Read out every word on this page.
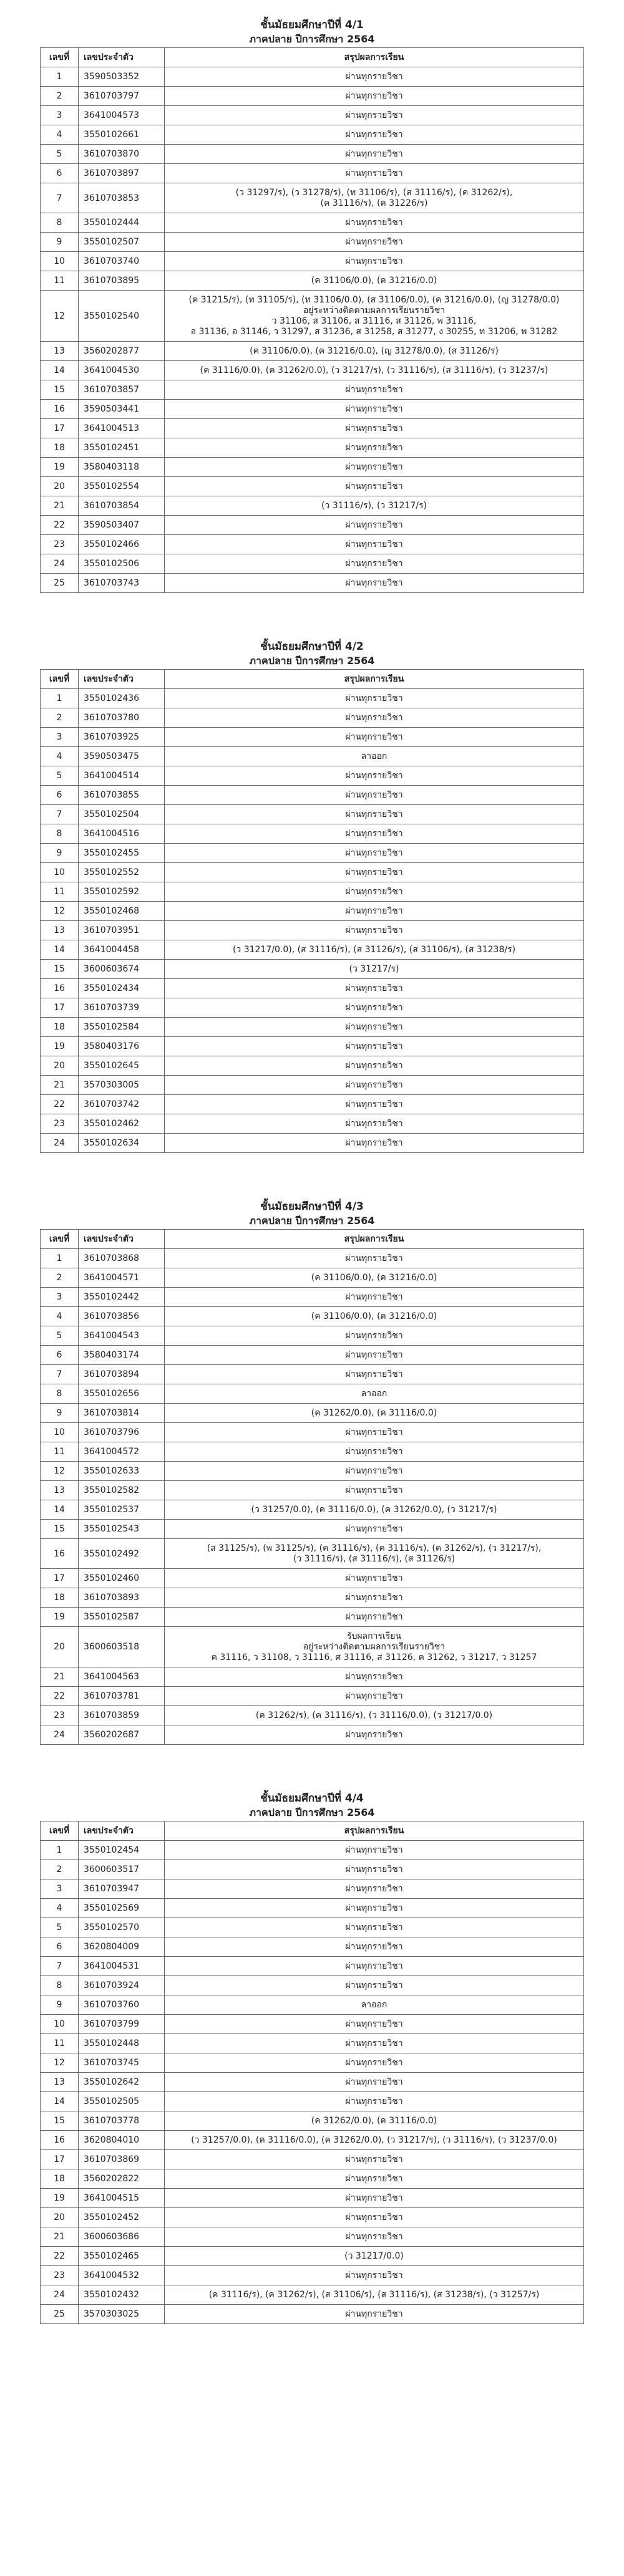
ชั้นมัธยมศึกษาปีที่ 4/1
ภาคปลาย ปีการศึกษา 2564
เลขที่	เลขประจำตัว	สรุปผลการเรียน
1	3590503352	ผ่านทุกรายวิชา

2	3610703797	ผ่านทุกรายวิชา

3	3641004573	ผ่านทุกรายวิชา

4	3550102661	ผ่านทุกรายวิชา

5	3610703870	ผ่านทุกรายวิชา

6	3610703897	ผ่านทุกรายวิชา

7	3610703853	(ว 31297/ร), (ว 31278/ร), (ท 31106/ร), (ส 31116/ร), (ค 31262/ร),
(ค 31116/ร), (ค 31226/ร)

8	3550102444	ผ่านทุกรายวิชา

9	3550102507	ผ่านทุกรายวิชา

10	3610703740	ผ่านทุกรายวิชา

11	3610703895	(ค 31106/0.0), (ค 31216/0.0)

12	3550102540	(ค 31215/ร), (ท 31105/ร), (ท 31106/0.0), (ส 31106/0.0), (ค 31216/0.0), (ญ 31278/0.0)
อยู่ระหว่างติดตามผลการเรียนรายวิชา
ว 31106, ส 31106, ส 31116, ส 31126, พ 31116,
อ 31136, อ 31146, ว 31297, ส 31236, ส 31258, ส 31277, ง 30255, ท 31206, พ 31282

13	3560202877	(ค 31106/0.0), (ค 31216/0.0), (ญ 31278/0.0), (ส 31126/ร)

14	3641004530	(ค 31116/0.0), (ค 31262/0.0), (ว 31217/ร), (ว 31116/ร), (ส 31116/ร), (ว 31237/ร)

15	3610703857	ผ่านทุกรายวิชา

16	3590503441	ผ่านทุกรายวิชา

17	3641004513	ผ่านทุกรายวิชา

18	3550102451	ผ่านทุกรายวิชา

19	3580403118	ผ่านทุกรายวิชา

20	3550102554	ผ่านทุกรายวิชา

21	3610703854	(ว 31116/ร), (ว 31217/ร)

22	3590503407	ผ่านทุกรายวิชา

23	3550102466	ผ่านทุกรายวิชา

24	3550102506	ผ่านทุกรายวิชา

25	3610703743	ผ่านทุกรายวิชา
ชั้นมัธยมศึกษาปีที่ 4/2
ภาคปลาย ปีการศึกษา 2564
เลขที่	เลขประจำตัว	สรุปผลการเรียน
1	3550102436	ผ่านทุกรายวิชา

2	3610703780	ผ่านทุกรายวิชา

3	3610703925	ผ่านทุกรายวิชา

4	3590503475	ลาออก

5	3641004514	ผ่านทุกรายวิชา

6	3610703855	ผ่านทุกรายวิชา

7	3550102504	ผ่านทุกรายวิชา

8	3641004516	ผ่านทุกรายวิชา

9	3550102455	ผ่านทุกรายวิชา

10	3550102552	ผ่านทุกรายวิชา

11	3550102592	ผ่านทุกรายวิชา

12	3550102468	ผ่านทุกรายวิชา

13	3610703951	ผ่านทุกรายวิชา

14	3641004458	(ว 31217/0.0), (ส 31116/ร), (ส 31126/ร), (ส 31106/ร), (ส 31238/ร)

15	3600603674	(ว 31217/ร)

16	3550102434	ผ่านทุกรายวิชา

17	3610703739	ผ่านทุกรายวิชา

18	3550102584	ผ่านทุกรายวิชา

19	3580403176	ผ่านทุกรายวิชา

20	3550102645	ผ่านทุกรายวิชา

21	3570303005	ผ่านทุกรายวิชา

22	3610703742	ผ่านทุกรายวิชา

23	3550102462	ผ่านทุกรายวิชา

24	3550102634	ผ่านทุกรายวิชา
ชั้นมัธยมศึกษาปีที่ 4/3
ภาคปลาย ปีการศึกษา 2564
เลขที่	เลขประจำตัว	สรุปผลการเรียน
1	3610703868	ผ่านทุกรายวิชา

2	3641004571	(ค 31106/0.0), (ค 31216/0.0)

3	3550102442	ผ่านทุกรายวิชา

4	3610703856	(ค 31106/0.0), (ค 31216/0.0)

5	3641004543	ผ่านทุกรายวิชา

6	3580403174	ผ่านทุกรายวิชา

7	3610703894	ผ่านทุกรายวิชา

8	3550102656	ลาออก

9	3610703814	(ค 31262/0.0), (ค 31116/0.0)

10	3610703796	ผ่านทุกรายวิชา

11	3641004572	ผ่านทุกรายวิชา

12	3550102633	ผ่านทุกรายวิชา

13	3550102582	ผ่านทุกรายวิชา

14	3550102537	(ว 31257/0.0), (ค 31116/0.0), (ค 31262/0.0), (ว 31217/ร)

15	3550102543	ผ่านทุกรายวิชา

16	3550102492	(ส 31125/ร), (พ 31125/ร), (ค 31116/ร), (ค 31116/ร), (ค 31262/ร), (ว 31217/ร),
(ว 31116/ร), (ส 31116/ร), (ส 31126/ร)

17	3550102460	ผ่านทุกรายวิชา

18	3610703893	ผ่านทุกรายวิชา

19	3550102587	ผ่านทุกรายวิชา

20	3600603518	รับผลการเรียน
อยู่ระหว่างติดตามผลการเรียนรายวิชา
ค 31116, ว 31108, ว 31116, ศ 31116, ส 31126, ค 31262, ว 31217, ว 31257

21	3641004563	ผ่านทุกรายวิชา

22	3610703781	ผ่านทุกรายวิชา

23	3610703859	(ค 31262/ร), (ค 31116/ร), (ว 31116/0.0), (ว 31217/0.0)

24	3560202687	ผ่านทุกรายวิชา
ชั้นมัธยมศึกษาปีที่ 4/4
ภาคปลาย ปีการศึกษา 2564
เลขที่	เลขประจำตัว	สรุปผลการเรียน
1	3550102454	ผ่านทุกรายวิชา

2	3600603517	ผ่านทุกรายวิชา

3	3610703947	ผ่านทุกรายวิชา

4	3550102569	ผ่านทุกรายวิชา

5	3550102570	ผ่านทุกรายวิชา

6	3620804009	ผ่านทุกรายวิชา

7	3641004531	ผ่านทุกรายวิชา

8	3610703924	ผ่านทุกรายวิชา

9	3610703760	ลาออก

10	3610703799	ผ่านทุกรายวิชา

11	3550102448	ผ่านทุกรายวิชา

12	3610703745	ผ่านทุกรายวิชา

13	3550102642	ผ่านทุกรายวิชา

14	3550102505	ผ่านทุกรายวิชา

15	3610703778	(ค 31262/0.0), (ค 31116/0.0)

16	3620804010	(ว 31257/0.0), (ค 31116/0.0), (ค 31262/0.0), (ว 31217/ร), (ว 31116/ร), (ว 31237/0.0)

17	3610703869	ผ่านทุกรายวิชา

18	3560202822	ผ่านทุกรายวิชา

19	3641004515	ผ่านทุกรายวิชา

20	3550102452	ผ่านทุกรายวิชา

21	3600603686	ผ่านทุกรายวิชา

22	3550102465	(ว 31217/0.0)

23	3641004532	ผ่านทุกรายวิชา

24	3550102432	(ค 31116/ร), (ค 31262/ร), (ส 31106/ร), (ส 31116/ร), (ส 31238/ร), (ว 31257/ร)

25	3570303025	ผ่านทุกรายวิชา
